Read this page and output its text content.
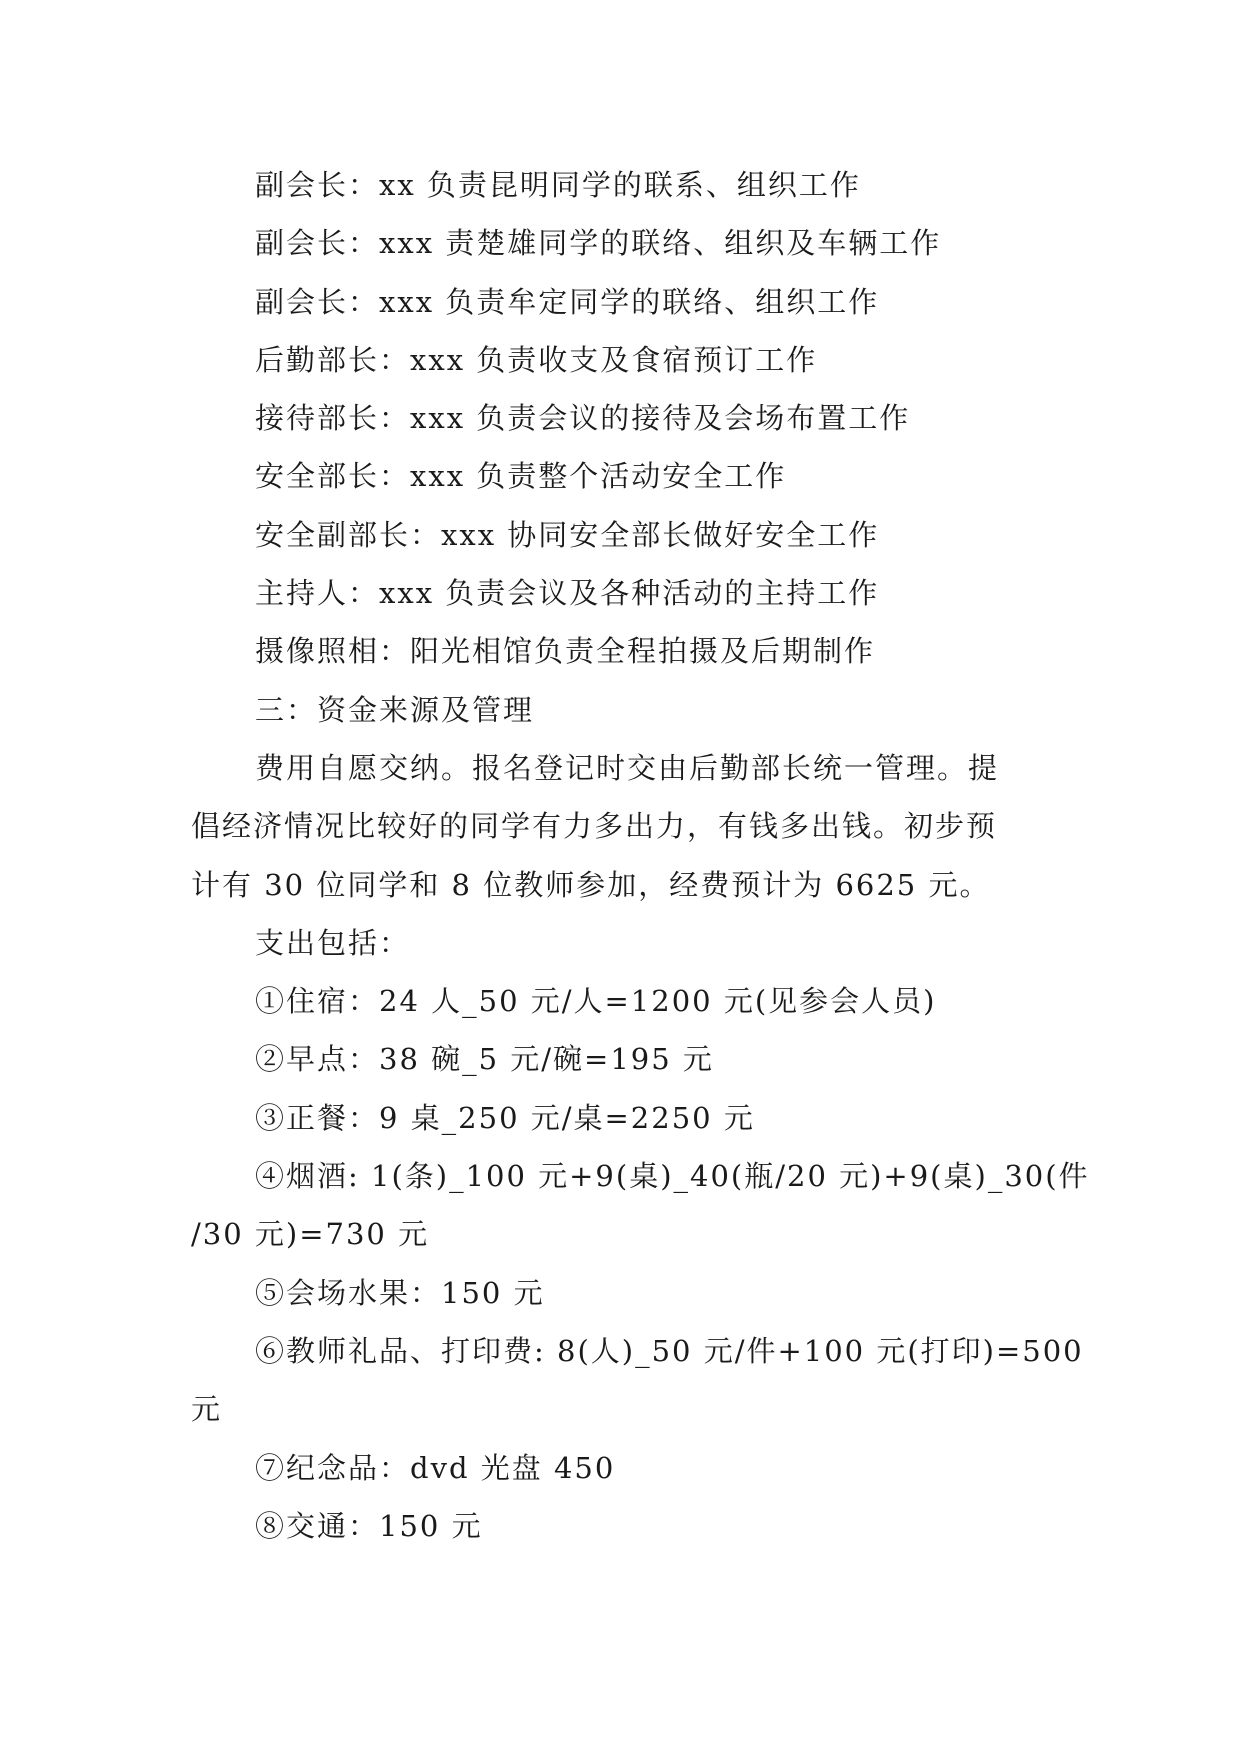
副会长：xx 负责昆明同学的联系、组织工作
副会长：xxx 责楚雄同学的联络、组织及车辆工作
副会长：xxx 负责牟定同学的联络、组织工作
后勤部长：xxx 负责收支及食宿预订工作
接待部长：xxx 负责会议的接待及会场布置工作
安全部长：xxx 负责整个活动安全工作
安全副部长：xxx 协同安全部长做好安全工作
主持人：xxx 负责会议及各种活动的主持工作
摄像照相：阳光相馆负责全程拍摄及后期制作
三：资金来源及管理
费用自愿交纳。报名登记时交由后勤部长统一管理。提
倡经济情况比较好的同学有力多出力，有钱多出钱。初步预
计有 30 位同学和 8 位教师参加，经费预计为 6625 元。
支出包括：
①住宿：24 人_50 元/人=1200 元(见参会人员)
②早点：38 碗_5 元/碗=195 元
③正餐：9 桌_250 元/桌=2250 元
④烟酒: 1(条)_100 元+9(桌)_40(瓶/20 元)+9(桌)_30(件
/30 元)=730 元
⑤会场水果：150 元
⑥教师礼品、打印费: 8(人)_50 元/件+100 元(打印)=500
元
⑦纪念品：dvd 光盘 450
⑧交通：150 元
